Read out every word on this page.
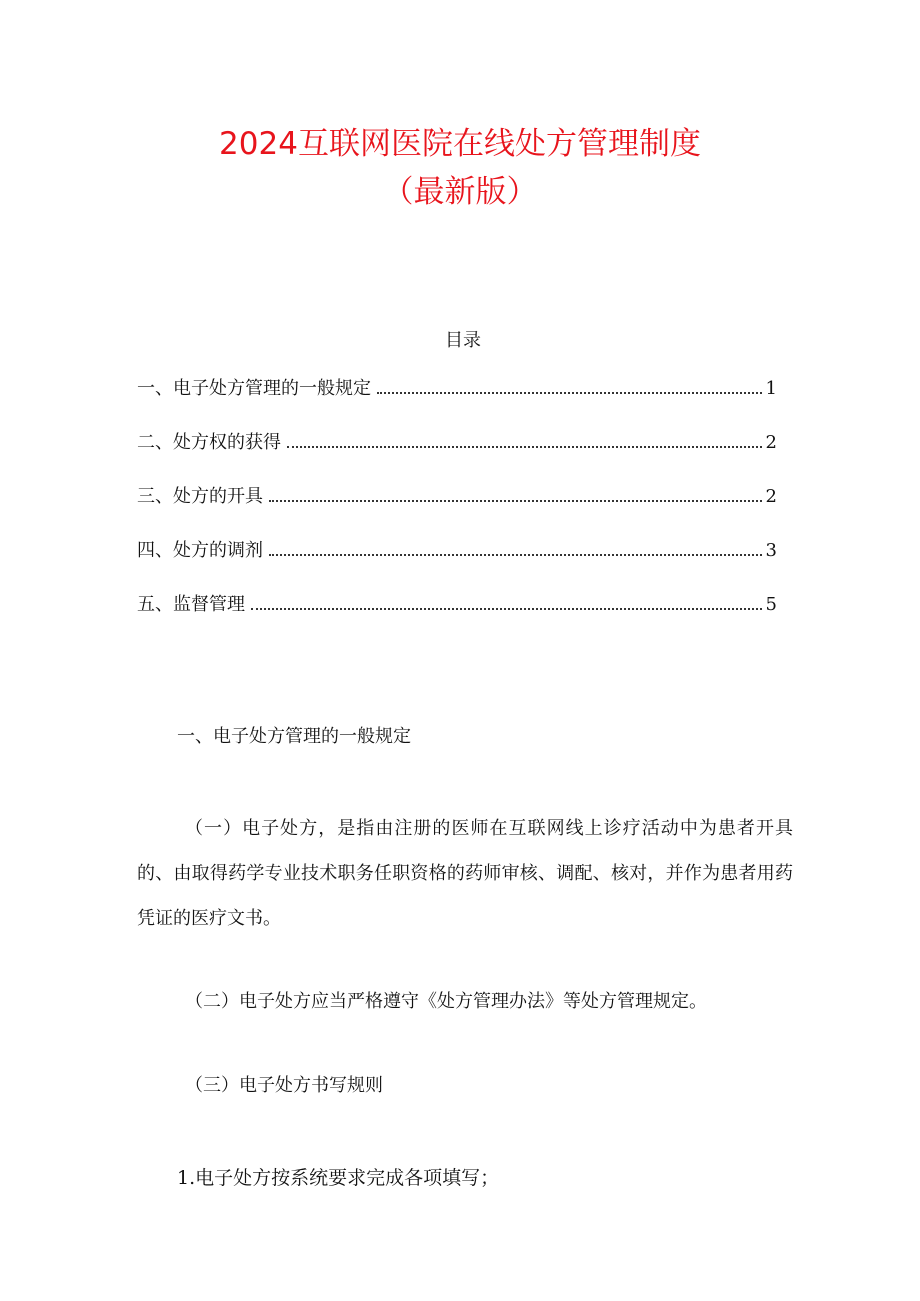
2024互联网医院在线处方管理制度
（最新版）
目录
一、电子处方管理的一般规定	1
二、处方权的获得	2
三、处方的开具	2
四、处方的调剂	3
五、监督管理	5
一、电子处方管理的一般规定
（一）电子处方，是指由注册的医师在互联网线上诊疗活动中为患者开具的、由取得药学专业技术职务任职资格的药师审核、调配、核对，并作为患者用药凭证的医疗文书。
（二）电子处方应当严格遵守《处方管理办法》等处方管理规定。
（三）电子处方书写规则
1.电子处方按系统要求完成各项填写；
